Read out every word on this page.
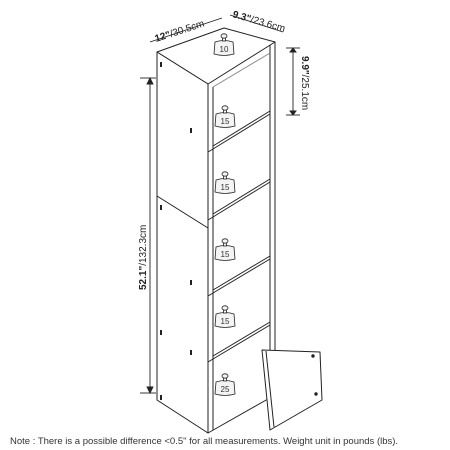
12"/30.5cm
9.3"/23.6cm
9.9"/25.1cm
52.1"/132.3cm
10
15
15
15
15
25
Note : There is a possible difference <0.5" for all measurements. Weight unit in pounds (lbs).
